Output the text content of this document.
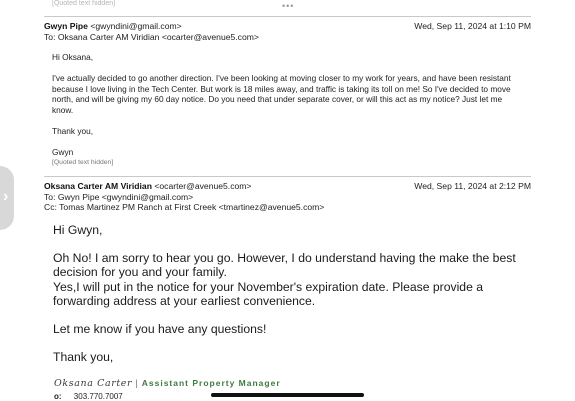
[Quoted text hidden]	•••
Gwyn Pipe <gwyndini@gmail.com>	Wed, Sep 11, 2024 at 1:10 PM
To: Oksana Carter AM Viridian <ocarter@avenue5.com>

Hi Oksana,

I've actually decided to go another direction. I've been looking at moving closer to my work for years, and have been resistant because I love living in the Tech Center. But work is 18 miles away, and traffic is taking its toll on me! So I've decided to move north, and will be giving my 60 day notice. Do you need that under separate cover, or will this act as my notice? Just let me know.

Thank you,

Gwyn

[Quoted text hidden]

Oksana Carter AM Viridian <ocarter@avenue5.com>	Wed, Sep 11, 2024 at 2:12 PM
To: Gwyn Pipe <gwyndini@gmail.com>
Cc: Tomas Martinez PM Ranch at First Creek <tmartinez@avenue5.com>

Hi Gwyn,

Oh No! I am sorry to hear you go. However, I do understand having the make the best decision for you and your family.

Yes,I will put in the notice for your November's expiration date. Please provide a forwarding address at your earliest convenience.

Let me know if you have any questions!

Thank you,

Oksana Carter | Assistant Property Manager
o: 303.770.7007
›
